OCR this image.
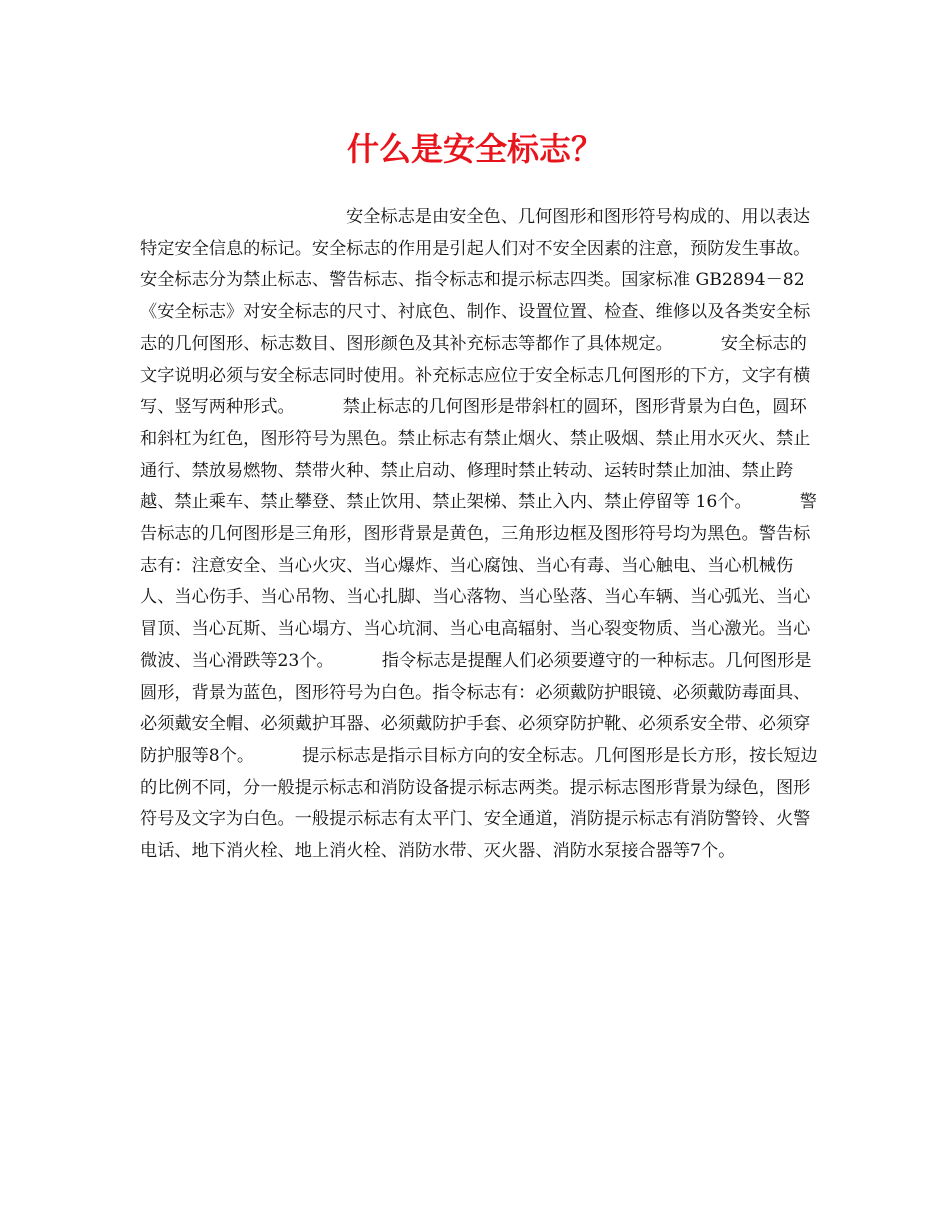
什么是安全标志？
安全标志是由安全色、几何图形和图形符号构成的、用以表达特定安全信息的标记。安全标志的作用是引起人们对不安全因素的注意，预防发生事故。安全标志分为禁止标志、警告标志、指令标志和提示标志四类。国家标准 GB2894－82 《安全标志》对安全标志的尺寸、衬底色、制作、设置位置、检查、维修以及各类安全标志的几何图形、标志数目、图形颜色及其补充标志等都作了具体规定。	安全标志的文字说明必须与安全标志同时使用。补充标志应位于安全标志几何图形的下方，文字有横写、竖写两种形式。	禁止标志的几何图形是带斜杠的圆环，图形背景为白色，圆环和斜杠为红色，图形符号为黑色。禁止标志有禁止烟火、禁止吸烟、禁止用水灭火、禁止通行、禁放易燃物、禁带火种、禁止启动、修理时禁止转动、运转时禁止加油、禁止跨越、禁止乘车、禁止攀登、禁止饮用、禁止架梯、禁止入内、禁止停留等 16个。	警告标志的几何图形是三角形，图形背景是黄色，三角形边框及图形符号均为黑色。警告标志有：注意安全、当心火灾、当心爆炸、当心腐蚀、当心有毒、当心触电、当心机械伤人、当心伤手、当心吊物、当心扎脚、当心落物、当心坠落、当心车辆、当心弧光、当心冒顶、当心瓦斯、当心塌方、当心坑洞、当心电高辐射、当心裂变物质、当心激光。当心微波、当心滑跌等23个。	指令标志是提醒人们必须要遵守的一种标志。几何图形是圆形，背景为蓝色，图形符号为白色。指令标志有：必须戴防护眼镜、必须戴防毒面具、必须戴安全帽、必须戴护耳器、必须戴防护手套、必须穿防护靴、必须系安全带、必须穿防护服等8个。	提示标志是指示目标方向的安全标志。几何图形是长方形，按长短边的比例不同，分一般提示标志和消防设备提示标志两类。提示标志图形背景为绿色，图形符号及文字为白色。一般提示标志有太平门、安全通道，消防提示标志有消防警铃、火警电话、地下消火栓、地上消火栓、消防水带、灭火器、消防水泵接合器等7个。
